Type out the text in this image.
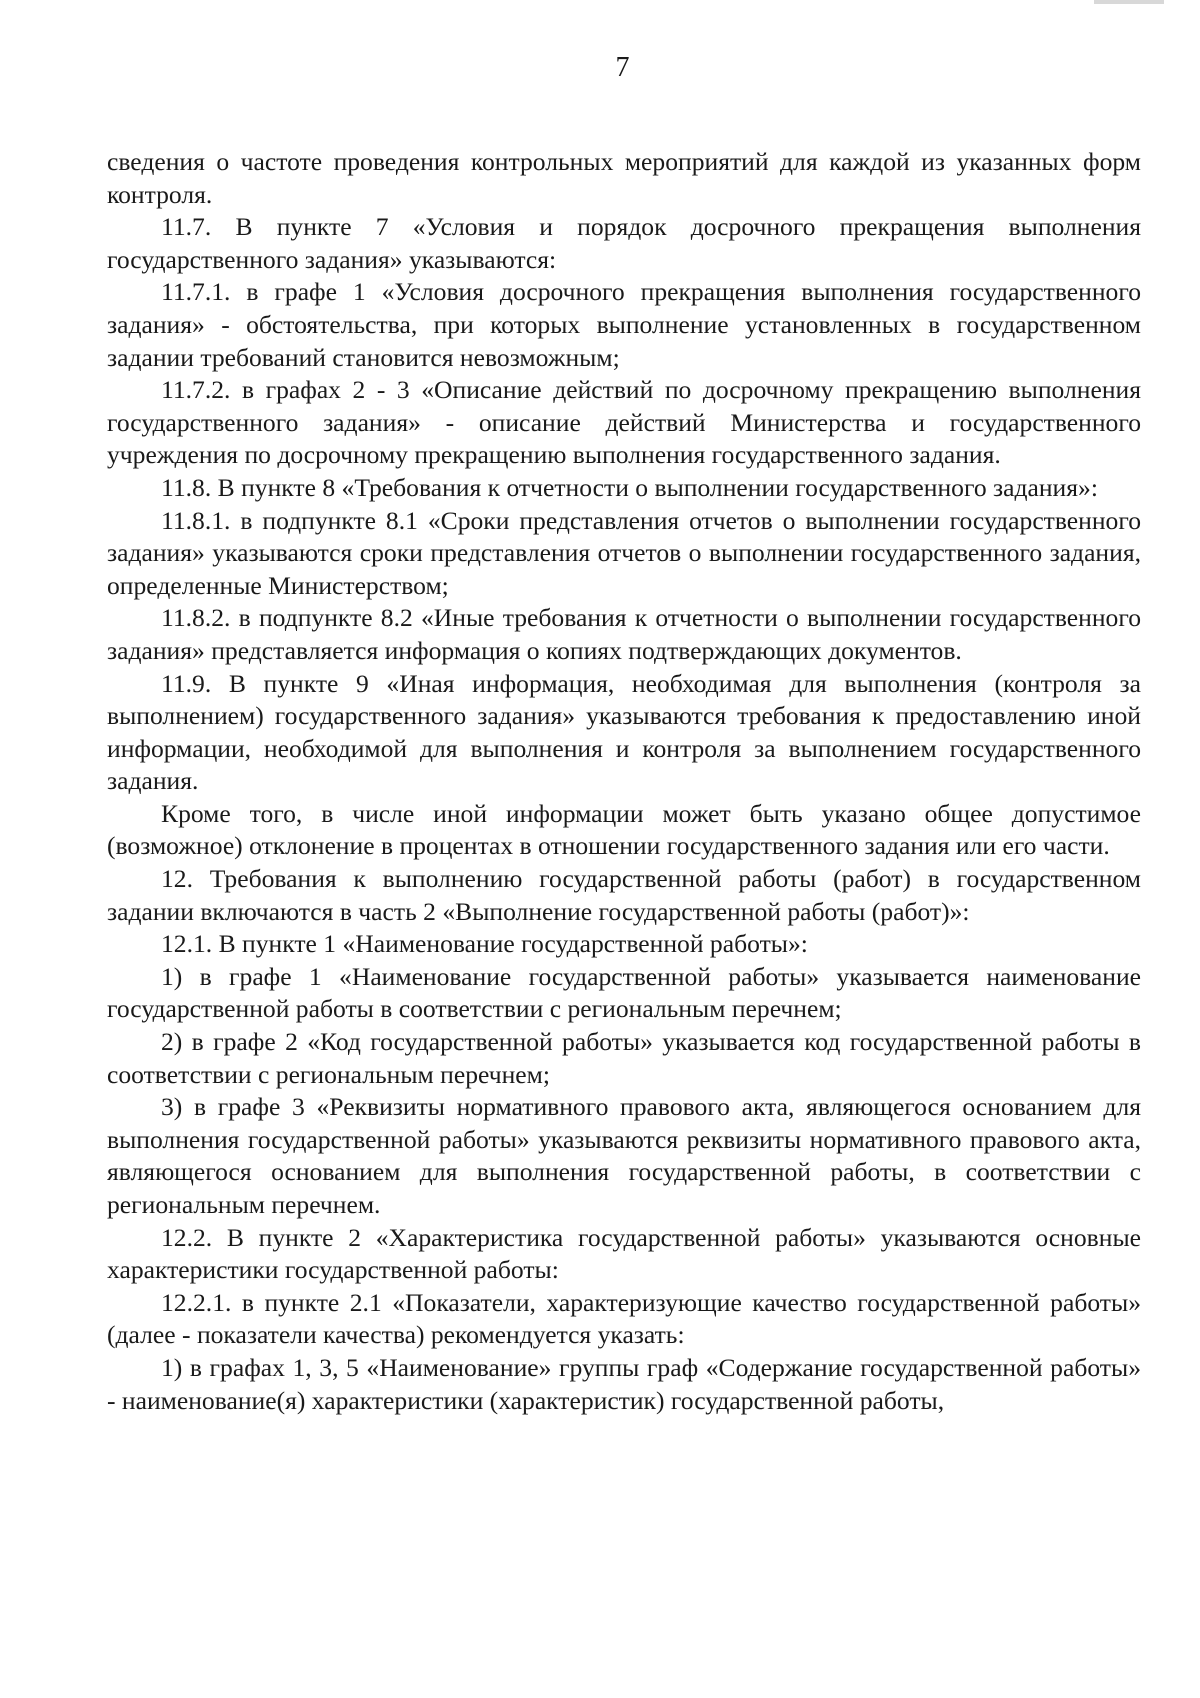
7

сведения о частоте проведения контрольных мероприятий для каждой из указанных форм контроля.

11.7. В пункте 7 «Условия и порядок досрочного прекращения выполнения государственного задания» указываются:

11.7.1. в графе 1 «Условия досрочного прекращения выполнения государственного задания» - обстоятельства, при которых выполнение установленных в государственном задании требований становится невозможным;

11.7.2. в графах 2 - 3 «Описание действий по досрочному прекращению выполнения государственного задания» - описание действий Министерства и государственного учреждения по досрочному прекращению выполнения государственного задания.

11.8. В пункте 8 «Требования к отчетности о выполнении государственного задания»:

11.8.1. в подпункте 8.1 «Сроки представления отчетов о выполнении государственного задания» указываются сроки представления отчетов о выполнении государственного задания, определенные Министерством;

11.8.2. в подпункте 8.2 «Иные требования к отчетности о выполнении государственного задания» представляется информация о копиях подтверждающих документов.

11.9. В пункте 9 «Иная информация, необходимая для выполнения (контроля за выполнением) государственного задания» указываются требования к предоставлению иной информации, необходимой для выполнения и контроля за выполнением государственного задания.

Кроме того, в числе иной информации может быть указано общее допустимое (возможное) отклонение в процентах в отношении государственного задания или его части.

12. Требования к выполнению государственной работы (работ) в государственном задании включаются в часть 2 «Выполнение государственной работы (работ)»:

12.1. В пункте 1 «Наименование государственной работы»:

1) в графе 1 «Наименование государственной работы» указывается наименование государственной работы в соответствии с региональным перечнем;

2) в графе 2 «Код государственной работы» указывается код государственной работы в соответствии с региональным перечнем;

3) в графе 3 «Реквизиты нормативного правового акта, являющегося основанием для выполнения государственной работы» указываются реквизиты нормативного правового акта, являющегося основанием для выполнения государственной работы, в соответствии с региональным перечнем.

12.2. В пункте 2 «Характеристика государственной работы» указываются основные характеристики государственной работы:

12.2.1. в пункте 2.1 «Показатели, характеризующие качество государственной работы» (далее - показатели качества) рекомендуется указать:

1) в графах 1, 3, 5 «Наименование» группы граф «Содержание государственной работы» - наименование(я) характеристики (характеристик) государственной работы,
